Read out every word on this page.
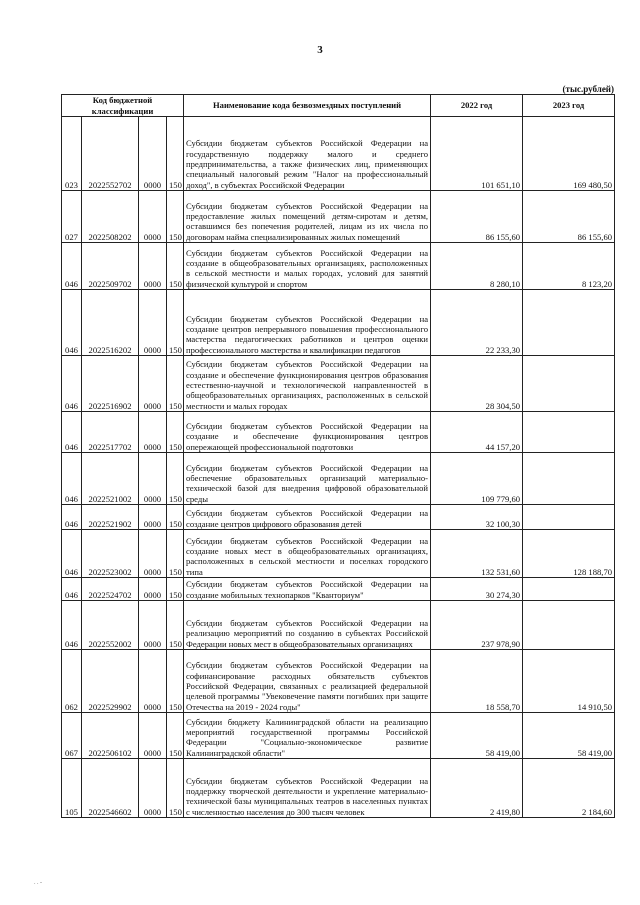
3
(тыс.рублей)
Код бюджетной классификации				Наименование кода безвозмездных поступлений	2022 год	2023 год
023	2022552702	0000	150	Субсидии бюджетам субъектов Российской Федерации на государственную поддержку малого и среднего предпринимательства, а также физических лиц, применяющих специальный налоговый режим "Налог на профессиональный доход", в субъектах Российской Федерации	101 651,10	169 480,50
027	2022508202	0000	150	Субсидии бюджетам субъектов Российской Федерации на предоставление жилых помещений детям-сиротам и детям, оставшимся без попечения родителей, лицам из их числа по договорам найма специализированных жилых помещений	86 155,60	86 155,60
046	2022509702	0000	150	Субсидии бюджетам субъектов Российской Федерации на создание в общеобразовательных организациях, расположенных в сельской местности и малых городах, условий для занятий физической культурой и спортом	8 280,10	8 123,20
046	2022516202	0000	150	Субсидии бюджетам субъектов Российской Федерации на создание центров непрерывного повышения профессионального мастерства педагогических работников и центров оценки профессионального мастерства и квалификации педагогов	22 233,30	
046	2022516902	0000	150	Субсидии бюджетам субъектов Российской Федерации на создание и обеспечение функционирования центров образования естественно-научной и технологической направленностей в общеобразовательных организациях, расположенных в сельской местности и малых городах	28 304,50	
046	2022517702	0000	150	Субсидии бюджетам субъектов Российской Федерации на создание и обеспечение функционирования центров опережающей профессиональной подготовки	44 157,20	
046	2022521002	0000	150	Субсидии бюджетам субъектов Российской Федерации на обеспечение образовательных организаций материально-технической базой для внедрения цифровой образовательной среды	109 779,60	
046	2022521902	0000	150	Субсидии бюджетам субъектов Российской Федерации на создание центров цифрового образования детей	32 100,30	
046	2022523002	0000	150	Субсидии бюджетам субъектов Российской Федерации на создание новых мест в общеобразовательных организациях, расположенных в сельской местности и поселках городского типа	132 531,60	128 188,70
046	2022524702	0000	150	Субсидии бюджетам субъектов Российской Федерации на создание мобильных технопарков "Кванториум"	30 274,30	
046	2022552002	0000	150	Субсидии бюджетам субъектов Российской Федерации на реализацию мероприятий по созданию в субъектах Российской Федерации новых мест в общеобразовательных организациях	237 978,90	
062	2022529902	0000	150	Субсидии бюджетам субъектов Российской Федерации на софинансирование расходных обязательств субъектов Российской Федерации, связанных с реализацией федеральной целевой программы "Увековечение памяти погибших при защите Отечества на 2019 - 2024 годы"	18 558,70	14 910,50
067	2022506102	0000	150	Субсидии бюджету Калининградской области на реализацию мероприятий государственной программы Российской Федерации "Социально-экономическое развитие Калининградской области"	58 419,00	58 419,00
105	2022546602	0000	150	Субсидии бюджетам субъектов Российской Федерации на поддержку творческой деятельности и укрепление материально-технической базы муниципальных театров в населенных пунктах с численностью населения до 300 тысяч человек	2 419,80	2 184,60
. . -
